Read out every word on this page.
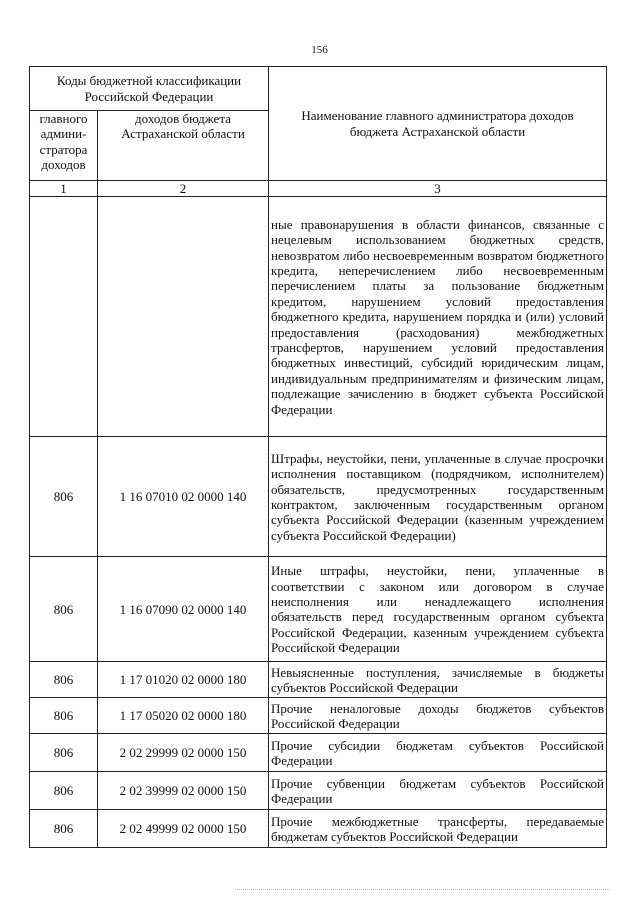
156
Коды бюджетной классификации Российской Федерации		Наименование главного администратора доходов бюджета Астраханской области
главного админи-стратора доходов	доходов бюджета Астраханской области	
1	2	3
		ные правонарушения в области финансов, связанные с нецелевым использованием бюджетных средств, невозвратом либо несвоевременным возвратом бюджетного кредита, неперечислением либо несвоевременным перечислением платы за пользование бюджетным кредитом, нарушением условий предоставления бюджетного кредита, нарушением порядка и (или) условий предоставления (расходования) межбюджетных трансфертов, нарушением условий предоставления бюджетных инвестиций, субсидий юридическим лицам, индивидуальным предпринимателям и физическим лицам, подлежащие зачислению в бюджет субъекта Российской Федерации
806	1 16 07010 02 0000 140	Штрафы, неустойки, пени, уплаченные в случае просрочки исполнения поставщиком (подрядчиком, исполнителем) обязательств, предусмотренных государственным контрактом, заключенным государственным органом субъекта Российской Федерации (казенным учреждением субъекта Российской Федерации)
806	1 16 07090 02 0000 140	Иные штрафы, неустойки, пени, уплаченные в соответствии с законом или договором в случае неисполнения или ненадлежащего исполнения обязательств перед государственным органом субъекта Российской Федерации, казенным учреждением субъекта Российской Федерации
806	1 17 01020 02 0000 180	Невыясненные поступления, зачисляемые в бюджеты субъектов Российской Федерации
806	1 17 05020 02 0000 180	Прочие неналоговые доходы бюджетов субъектов Российской Федерации
806	2 02 29999 02 0000 150	Прочие субсидии бюджетам субъектов Российской Федерации
806	2 02 39999 02 0000 150	Прочие субвенции бюджетам субъектов Российской Федерации
806	2 02 49999 02 0000 150	Прочие межбюджетные трансферты, передаваемые бюджетам субъектов Российской Федерации
